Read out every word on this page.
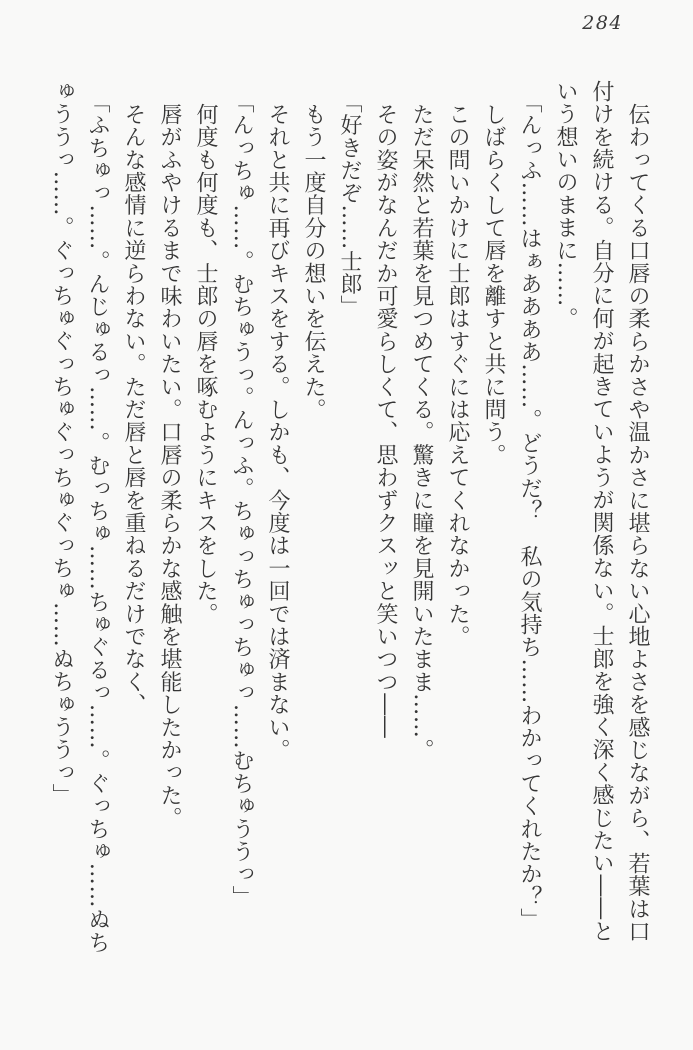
284
伝わってくる口唇の柔らかさや温かさに堪らない心地よさを感じながら、若葉は口
付けを続ける。自分に何が起きていようが関係ない。士郎を強く深く感じたい――と
いう想いのままに……。
「んっふ……はぁああああ……。どうだ？　私の気持ち……わかってくれたか？」
しばらくして唇を離すと共に問う。
この問いかけに士郎はすぐには応えてくれなかった。
ただ呆然と若葉を見つめてくる。驚きに瞳を見開いたまま……。
その姿がなんだか可愛らしくて、思わずクスッと笑いつつ――
「好きだぞ……士郎」
もう一度自分の想いを伝えた。
それと共に再びキスをする。しかも、今度は一回では済まない。
「んっちゅ……。むちゅうっ。んっふ。ちゅっちゅっちゅっ……むちゅううっ」
何度も何度も、士郎の唇を啄むようにキスをした。
唇がふやけるまで味わいたい。口唇の柔らかな感触を堪能したかった。
そんな感情に逆らわない。ただ唇と唇を重ねるだけでなく、
「ふちゅっ……。んじゅるっ……。むっちゅ……ちゅぐるっ……。ぐっちゅ……ぬち
ゅううっ……。ぐっちゅぐっちゅぐっちゅぐっちゅ……ぬちゅううっ」
